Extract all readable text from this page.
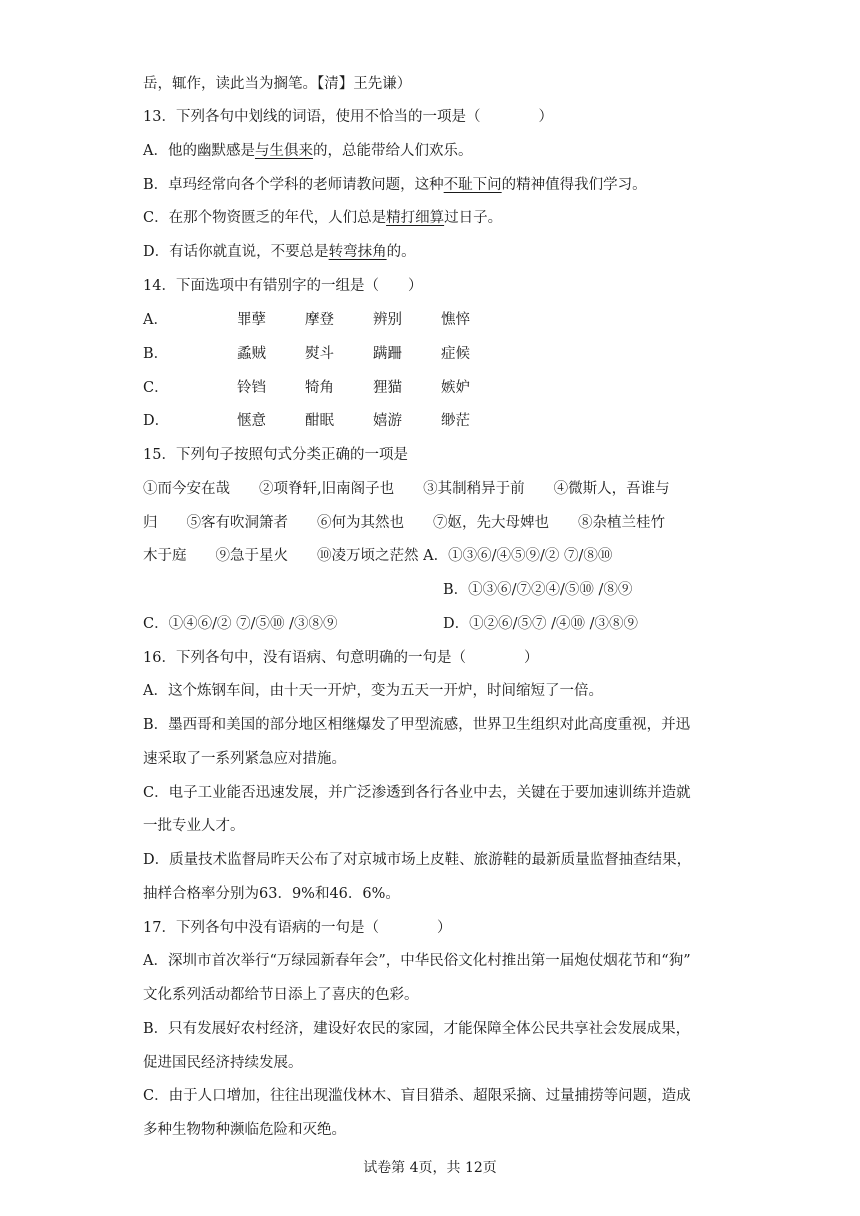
岳，辄作，读此当为搁笔。【清】王先谦）
13．下列各句中划线的词语，使用不恰当的一项是（　　　　）
A．他的幽默感是与生俱来的，总能带给人们欢乐。
B．卓玛经常向各个学科的老师请教问题，这种不耻下问的精神值得我们学习。
C．在那个物资匮乏的年代，人们总是精打细算过日子。
D．有话你就直说，不要总是转弯抹角的。
14．下面选项中有错别字的一组是（　　）
A．	罪孽	摩登	辨别	憔悴
B．	蟊贼	熨斗	蹒跚	症候
C．	铃铛	犄角	狸猫	嫉妒
D．	惬意	酣眠	嬉游	缈茫
15．下列句子按照句式分类正确的一项是
①而今安在哉　　②项脊轩,旧南阁子也　　③其制稍异于前　　④微斯人，吾谁与
归　　⑤客有吹洞箫者　　⑥何为其然也　　⑦妪，先大母婢也　　⑧杂植兰桂竹
木于庭　　⑨急于星火　　⑩凌万顷之茫然 A．①③⑥/④⑤⑨/② ⑦/⑧⑩
B．①③⑥/⑦②④/⑤⑩ /⑧⑨
C．①④⑥/② ⑦/⑤⑩ /③⑧⑨	D．①②⑥/⑤⑦ /④⑩ /③⑧⑨
16．下列各句中，没有语病、句意明确的一句是（　　　　）
A．这个炼钢车间，由十天一开炉，变为五天一开炉，时间缩短了一倍。
B．墨西哥和美国的部分地区相继爆发了甲型流感，世界卫生组织对此高度重视，并迅
速采取了一系列紧急应对措施。
C．电子工业能否迅速发展，并广泛渗透到各行各业中去，关键在于要加速训练并造就
一批专业人才。
D．质量技术监督局昨天公布了对京城市场上皮鞋、旅游鞋的最新质量监督抽查结果，
抽样合格率分别为63．9%和46．6%。
17．下列各句中没有语病的一句是（　　　　）
A．深圳市首次举行“万绿园新春年会”，中华民俗文化村推出第一届炮仗烟花节和“狗”
文化系列活动都给节日添上了喜庆的色彩。
B．只有发展好农村经济，建设好农民的家园，才能保障全体公民共享社会发展成果，
促进国民经济持续发展。
C．由于人口增加，往往出现滥伐林木、盲目猎杀、超限采摘、过量捕捞等问题，造成
多种生物物种濒临危险和灭绝。
试卷第 4页，共 12页
